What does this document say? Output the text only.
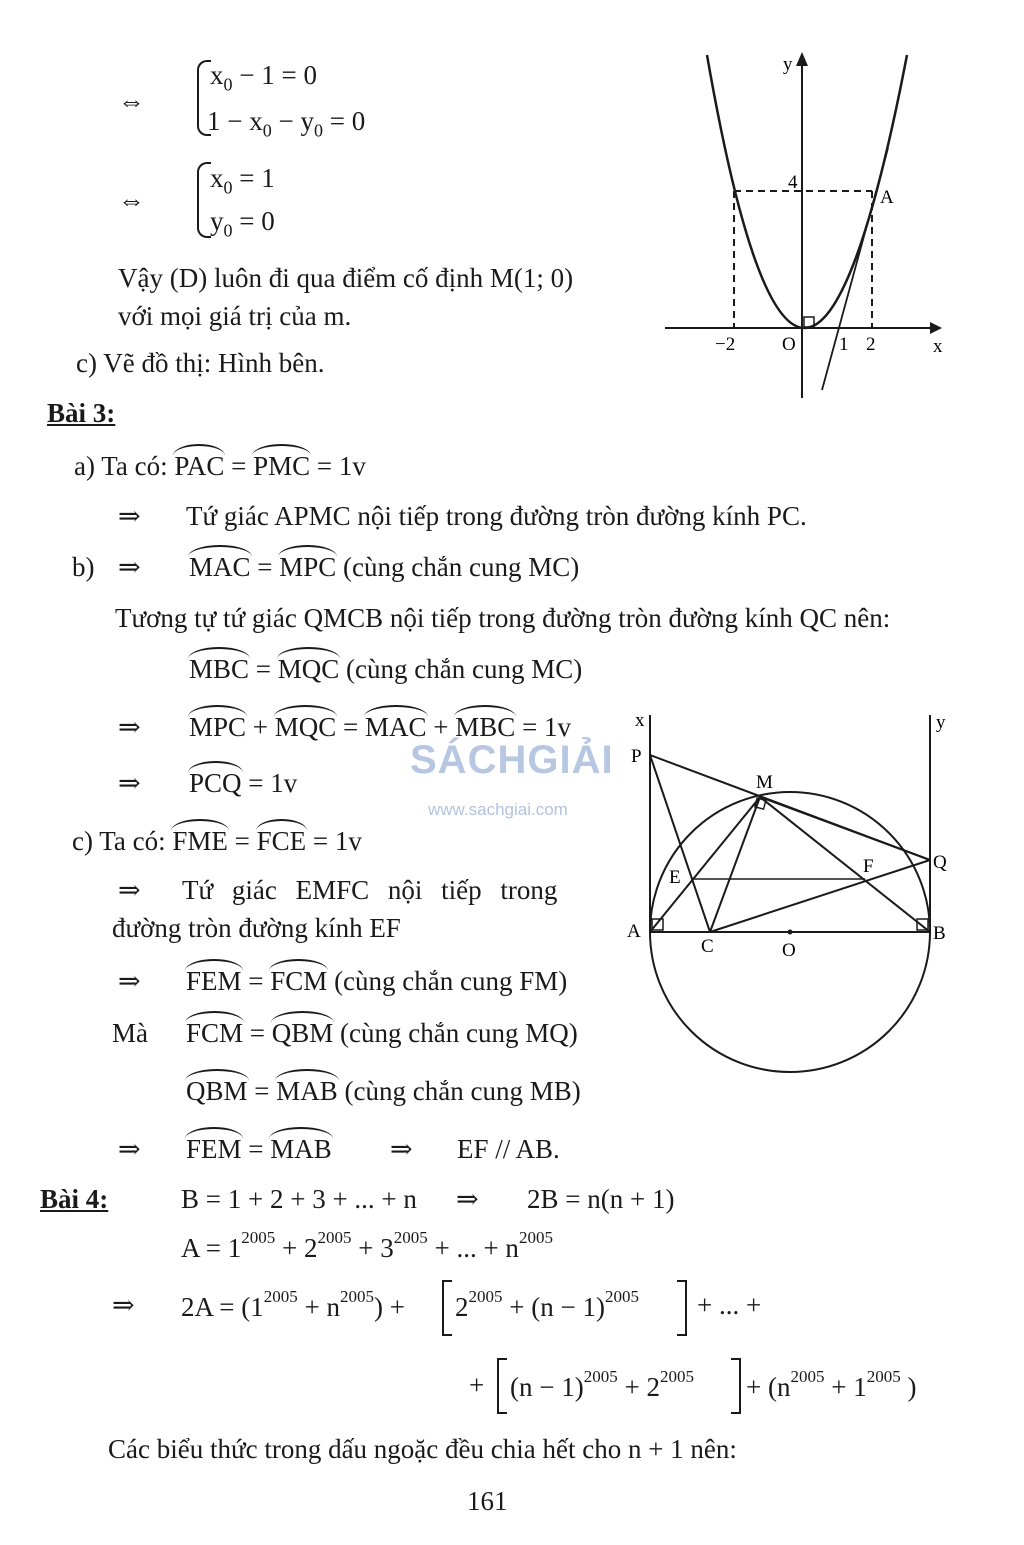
⇔
$x_0 - 1 = 0$
$1 - x_0 - y_0 = 0$
⇔
$x_0 = 1$
$y_0 = 0$
Vậy (D) luôn đi qua điểm cố định M(1; 0)
với mọi giá trị của m.
c) Vẽ đồ thị: Hình bên.
y
x
4
A
−2 O 1 2
Bài 3:
a) Ta có: PAC = PMC = 1v
⇒ Tứ giác APMC nội tiếp trong đường tròn đường kính PC.
b) ⇒ MAC = MPC (cùng chắn cung MC)
Tương tự tứ giác QMCB nội tiếp trong đường tròn đường kính QC nên:
MBC = MQC (cùng chắn cung MC)
⇒ MPC + MQC = MAC + MBC = 1v
⇒ PCQ = 1v
c) Ta có: FME = FCE = 1v
⇒ Tứ giác EMFC nội tiếp trong
đường tròn đường kính EF
⇒ FEM = FCM (cùng chắn cung FM)
Mà FCM = QBM (cùng chắn cung MQ)
QBM = MAB (cùng chắn cung MB)
⇒ FEM = MAB ⇒ EF // AB.
x	y
P
M
Q
E
F
A	B
C	O
SÁCHGIẢI
www.sachgiai.com
Bài 4:	B = 1 + 2 + 3 + ... + n ⇒ 2B = n(n + 1)
$A = 1^{2005} + 2^{2005} + 3^{2005}$ + ... + $n^{2005}$
⇒ $2A = (1^{2005} + n^{2005}) + 2^{2005} + (n - 1)^{2005}$ + ... +
+ $(n - 1)^{2005} + 2^{2005} + (n^{2005} + 1^{2005}$ )
Các biểu thức trong dấu ngoặc đều chia hết cho n + 1 nên:
161
